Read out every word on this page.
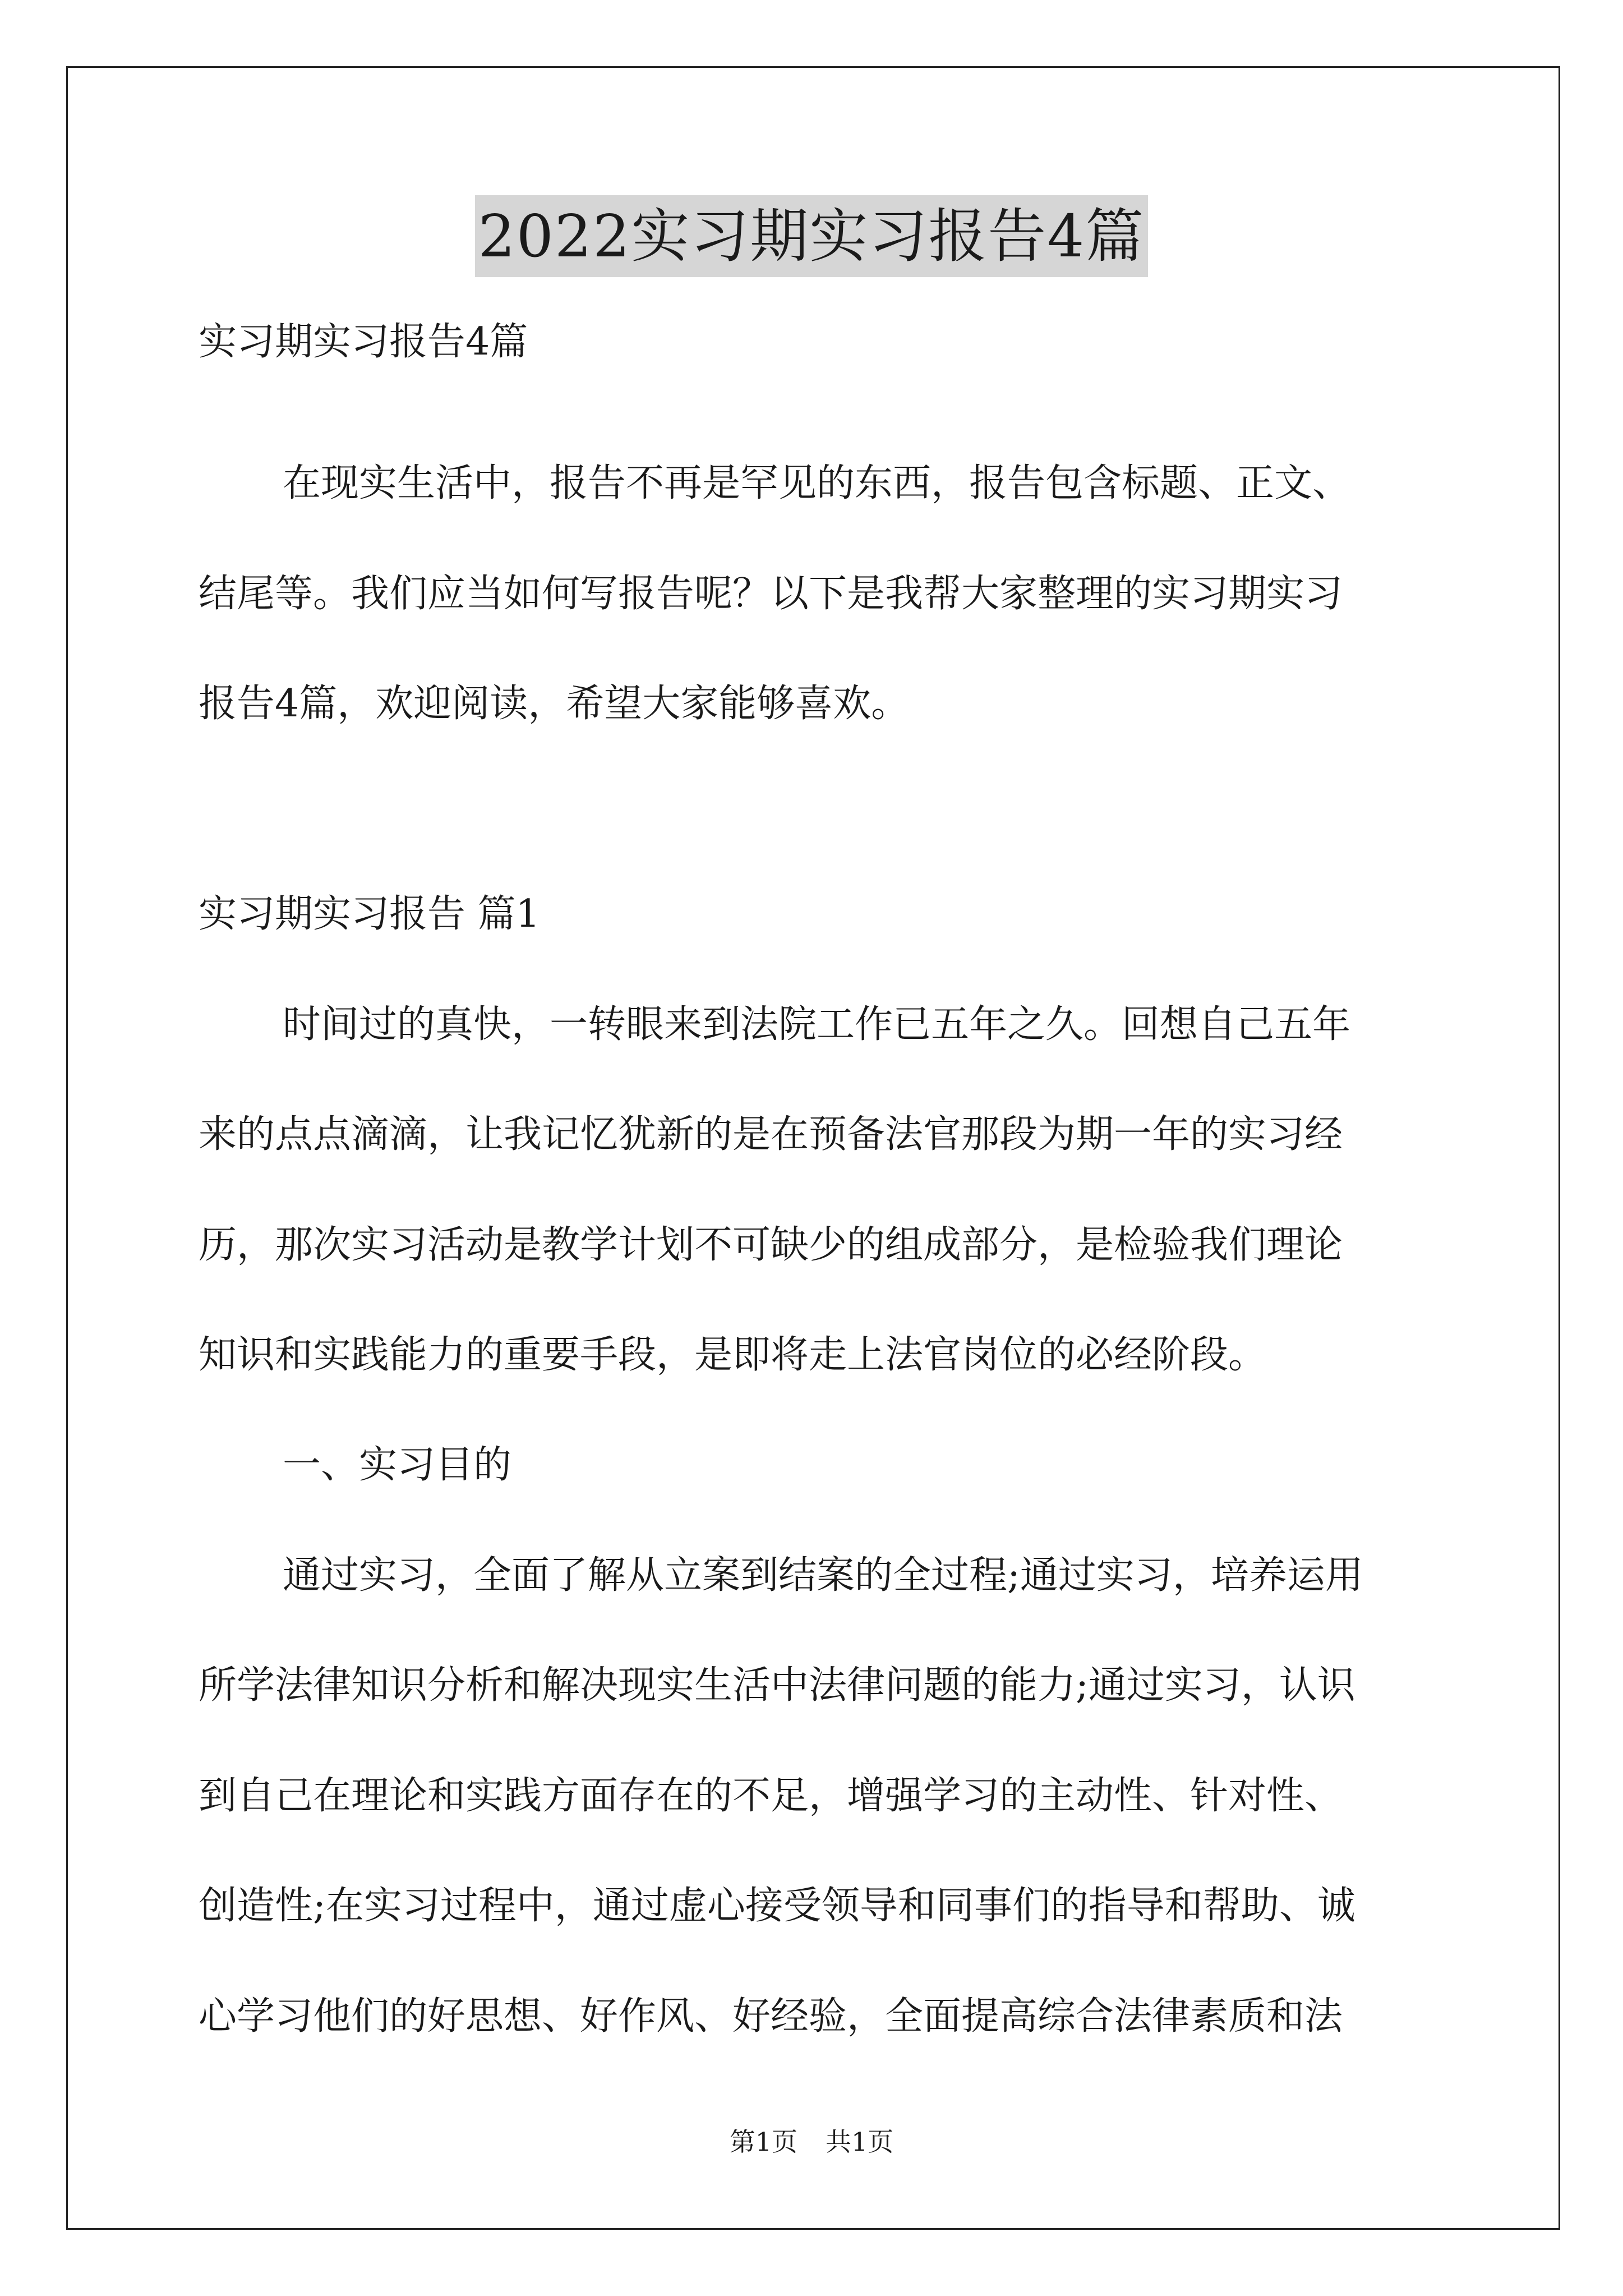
2022实习期实习报告4篇
实习期实习报告4篇
在现实生活中，报告不再是罕见的东西，报告包含标题、正文、
结尾等。我们应当如何写报告呢？以下是我帮大家整理的实习期实习
报告4篇，欢迎阅读，希望大家能够喜欢。
实习期实习报告 篇1
时间过的真快，一转眼来到法院工作已五年之久。回想自己五年
来的点点滴滴，让我记忆犹新的是在预备法官那段为期一年的实习经
历，那次实习活动是教学计划不可缺少的组成部分，是检验我们理论
知识和实践能力的重要手段，是即将走上法官岗位的必经阶段。
一、实习目的
通过实习，全面了解从立案到结案的全过程;通过实习，培养运用
所学法律知识分析和解决现实生活中法律问题的能力;通过实习，认识
到自己在理论和实践方面存在的不足，增强学习的主动性、针对性、
创造性;在实习过程中，通过虚心接受领导和同事们的指导和帮助、诚
心学习他们的好思想、好作风、好经验，全面提高综合法律素质和法
第1页 共1页
